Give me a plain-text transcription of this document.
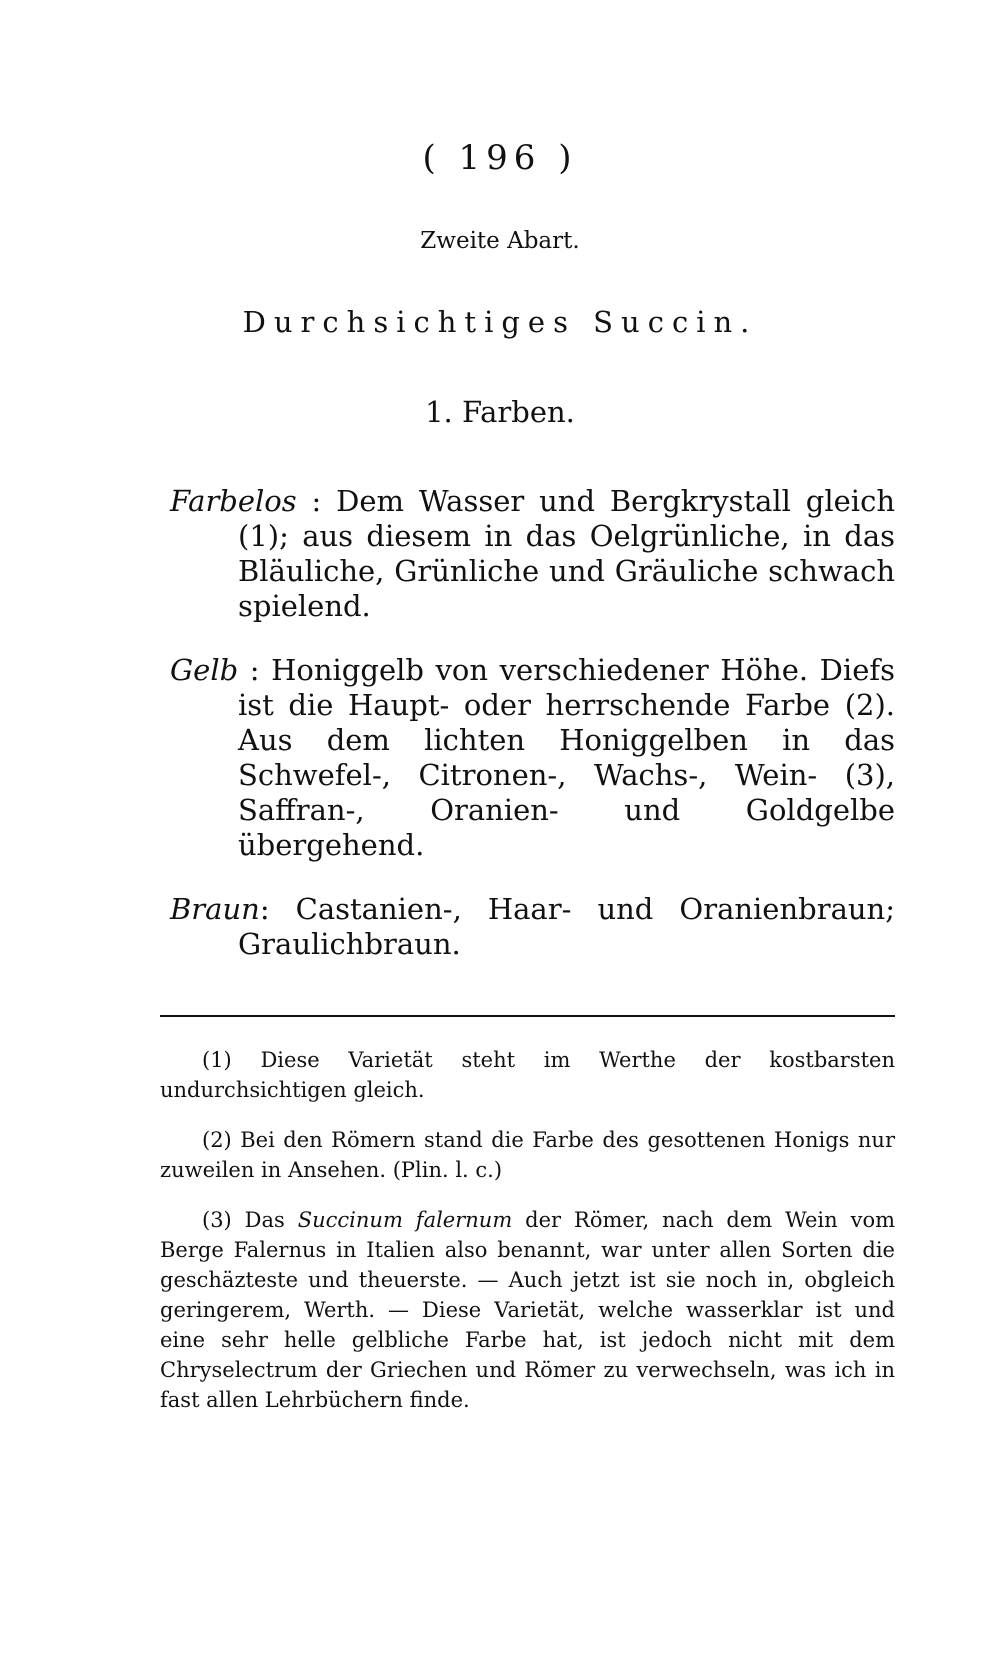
( 196 )
Zweite Abart.
Durchsichtiges Succin.
1. Farben.

Farbelos : Dem Wasser und Bergkrystall gleich (1); aus diesem in das Oelgrünliche, in das Bläuliche, Grünliche und Gräuliche schwach spielend.

Gelb : Honiggelb von verschiedener Höhe. Diefs ist die Haupt- oder herrschende Farbe (2). Aus dem lichten Honiggelben in das Schwefel-, Citronen-, Wachs-, Wein- (3), Saffran-, Oranien- und Goldgelbe übergehend.

Braun: Castanien-, Haar- und Oranienbraun; Graulichbraun.

(1) Diese Varietät steht im Werthe der kostbarsten undurchsichtigen gleich.

(2) Bei den Römern stand die Farbe des gesottenen Honigs nur zuweilen in Ansehen. (Plin. l. c.)

(3) Das Succinum falernum der Römer, nach dem Wein vom Berge Falernus in Italien also benannt, war unter allen Sorten die geschäzteste und theuerste. — Auch jetzt ist sie noch in, obgleich geringerem, Werth. — Diese Varietät, welche wasserklar ist und eine sehr helle gelbliche Farbe hat, ist jedoch nicht mit dem Chryselectrum der Griechen und Römer zu verwechseln, was ich in fast allen Lehrbüchern finde.
